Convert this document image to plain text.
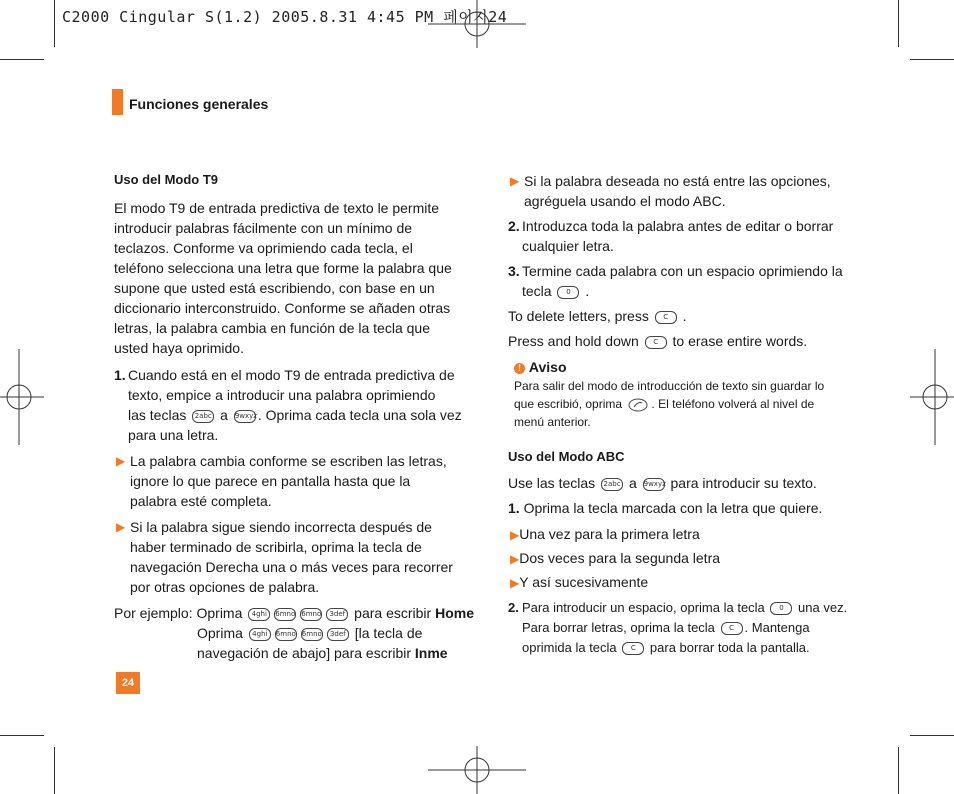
C2000 Cingular S(1.2) 2005.8.31 4:45 PM 페이지24
Funciones generales
Uso del Modo T9
El modo T9 de entrada predictiva de texto le permite
introducir palabras fácilmente con un mínimo de
teclazos. Conforme va oprimiendo cada tecla, el
teléfono selecciona una letra que forme la palabra que
supone que usted está escribiendo, con base en un
diccionario interconstruido. Conforme se añaden otras
letras, la palabra cambia en función de la tecla que
usted haya oprimido.
1. Cuando está en el modo T9 de entrada predictiva de
texto, empice a introducir una palabra oprimiendo
las teclas 2abc a 9wxyz. Oprima cada tecla una sola vez
para una letra.
▶ La palabra cambia conforme se escriben las letras,
ignore lo que parece en pantalla hasta que la
palabra esté completa.
▶ Si la palabra sigue siendo incorrecta después de
haber terminado de scribirla, oprima la tecla de
navegación Derecha una o más veces para recorrer
por otras opciones de palabra.
Por ejemplo: Oprima 4ghi 6mno 6mno 3def para escribir Home
Oprima 4ghi 6mno 6mno 3def [la tecla de
navegación de abajo] para escribir Inme
24
▶ Si la palabra deseada no está entre las opciones,
agréguela usando el modo ABC.
2. Introduzca toda la palabra antes de editar o borrar
cualquier letra.
3. Termine cada palabra con un espacio oprimiendo la
tecla 0 .
To delete letters, press C .
Press and hold down C to erase entire words.
! Aviso
Para salir del modo de introducción de texto sin guardar lo
que escribió, oprima . El teléfono volverá al nivel de
menú anterior.
Uso del Modo ABC
Use las teclas 2abc a 9wxyz para introducir su texto.
1. Oprima la tecla marcada con la letra que quiere.
▶Una vez para la primera letra
▶Dos veces para la segunda letra
▶Y así sucesivamente
2. Para introducir un espacio, oprima la tecla 0 una vez.
Para borrar letras, oprima la tecla C . Mantenga
oprimida la tecla C para borrar toda la pantalla.
